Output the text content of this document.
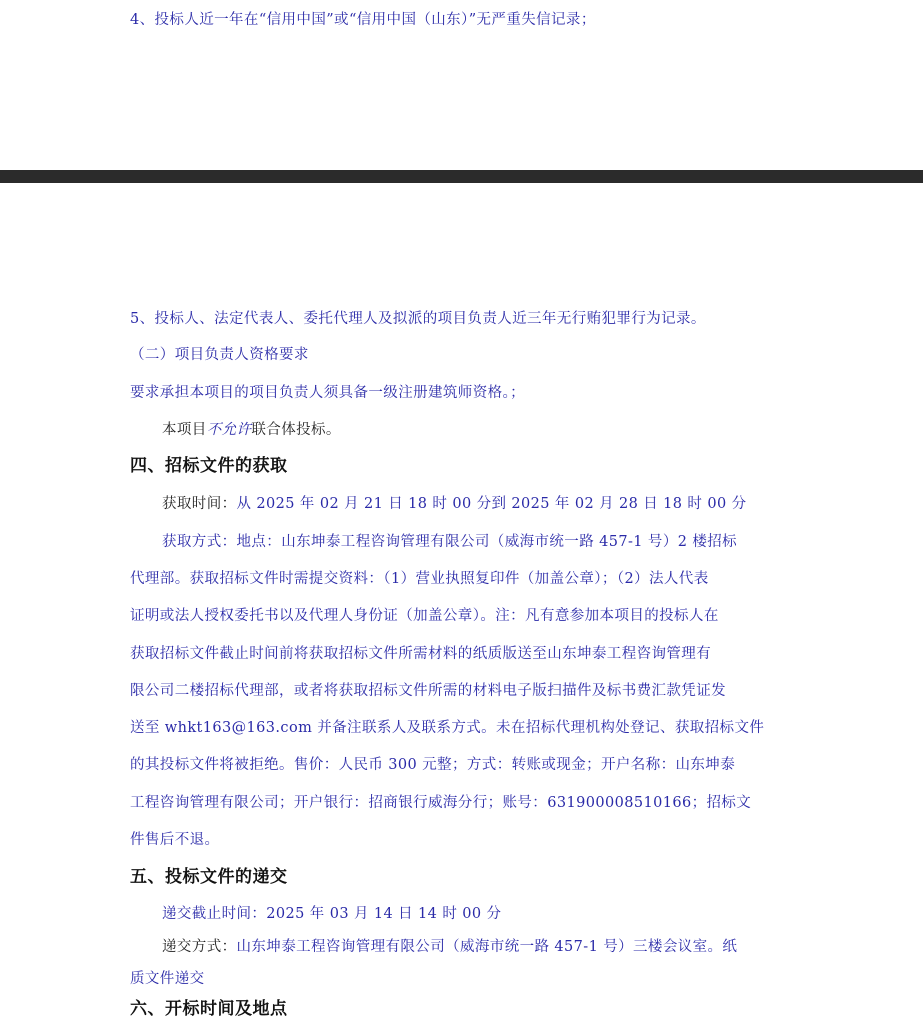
4、投标人近一年在“信用中国”或“信用中国（山东）”无严重失信记录；
5、投标人、法定代表人、委托代理人及拟派的项目负责人近三年无行贿犯罪行为记录。
（二）项目负责人资格要求
要求承担本项目的项目负责人须具备一级注册建筑师资格。；
本项目不允许联合体投标。
四、招标文件的获取
获取时间：从 2025 年 02 月 21 日 18 时 00 分到 2025 年 02 月 28 日 18 时 00 分
获取方式：地点：山东坤泰工程咨询管理有限公司（威海市统一路 457-1 号）2 楼招标
代理部。获取招标文件时需提交资料：（1）营业执照复印件（加盖公章）；（2）法人代表
证明或法人授权委托书以及代理人身份证（加盖公章）。注：凡有意参加本项目的投标人在
获取招标文件截止时间前将获取招标文件所需材料的纸质版送至山东坤泰工程咨询管理有
限公司二楼招标代理部，或者将获取招标文件所需的材料电子版扫描件及标书费汇款凭证发
送至 whkt163@163.com 并备注联系人及联系方式。未在招标代理机构处登记、获取招标文件
的其投标文件将被拒绝。售价：人民币 300 元整；方式：转账或现金；开户名称：山东坤泰
工程咨询管理有限公司；开户银行：招商银行威海分行；账号：631900008510166；招标文
件售后不退。
五、投标文件的递交
递交截止时间：2025 年 03 月 14 日 14 时 00 分
递交方式：山东坤泰工程咨询管理有限公司（威海市统一路 457-1 号）三楼会议室。纸
质文件递交
六、开标时间及地点
